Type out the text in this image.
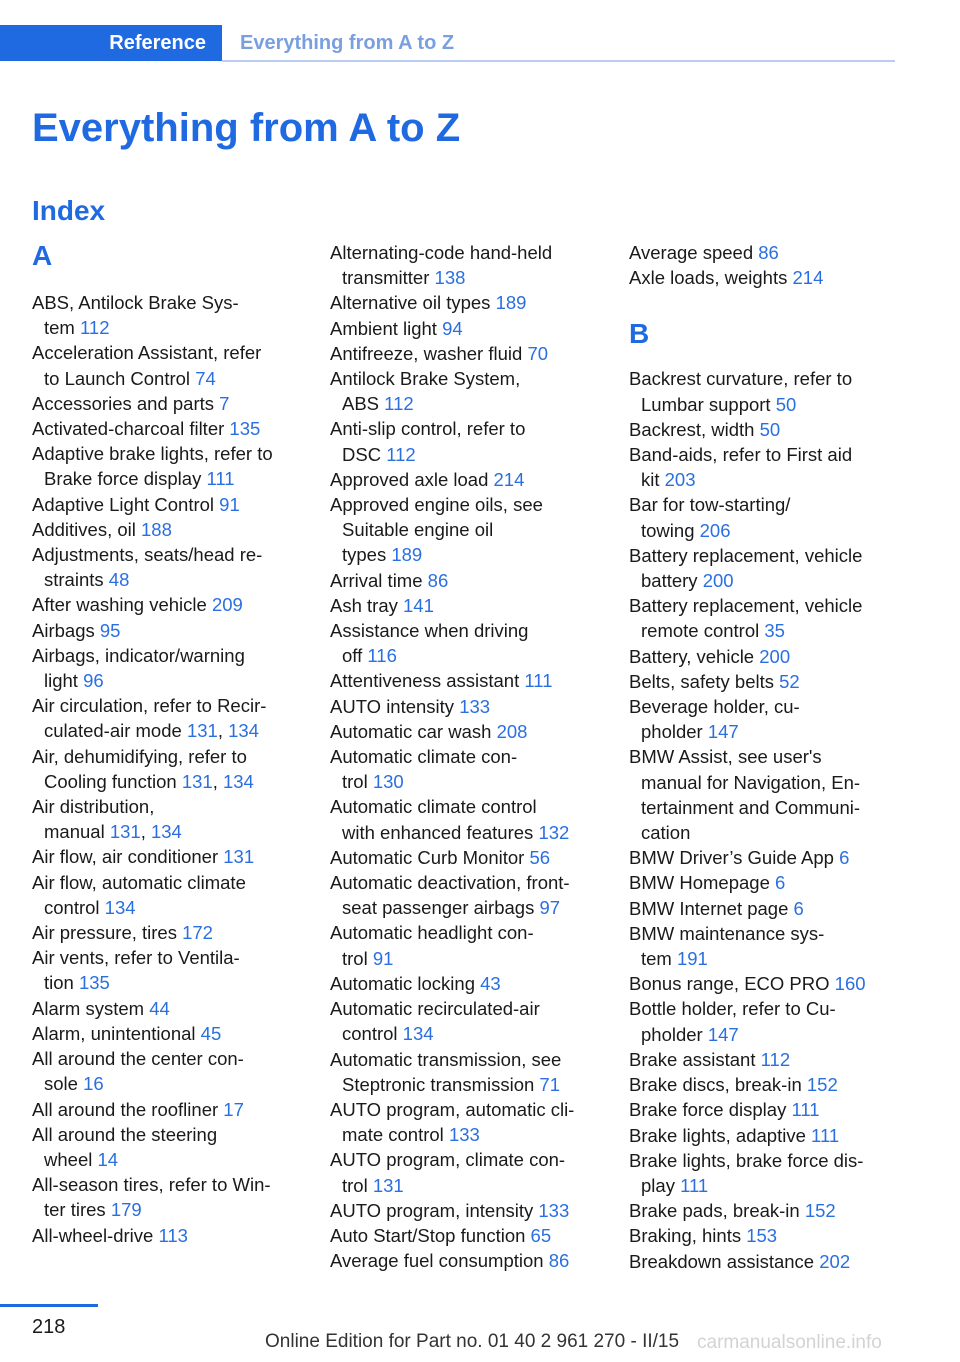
Reference	Everything from A to Z
Everything from A to Z
Index
A
ABS, Antilock Brake Sys-
tem 112
Acceleration Assistant, refer
to Launch Control 74
Accessories and parts 7
Activated-charcoal filter 135
Adaptive brake lights, refer to
Brake force display 111
Adaptive Light Control 91
Additives, oil 188
Adjustments, seats/head re-
straints 48
After washing vehicle 209
Airbags 95
Airbags, indicator/warning
light 96
Air circulation, refer to Recir-
culated-air mode 131, 134
Air, dehumidifying, refer to
Cooling function 131, 134
Air distribution,
manual 131, 134
Air flow, air conditioner 131
Air flow, automatic climate
control 134
Air pressure, tires 172
Air vents, refer to Ventila-
tion 135
Alarm system 44
Alarm, unintentional 45
All around the center con-
sole 16
All around the roofliner 17
All around the steering
wheel 14
All-season tires, refer to Win-
ter tires 179
All-wheel-drive 113
Alternating-code hand-held
transmitter 138
Alternative oil types 189
Ambient light 94
Antifreeze, washer fluid 70
Antilock Brake System,
ABS 112
Anti-slip control, refer to
DSC 112
Approved axle load 214
Approved engine oils, see
Suitable engine oil
types 189
Arrival time 86
Ash tray 141
Assistance when driving
off 116
Attentiveness assistant 111
AUTO intensity 133
Automatic car wash 208
Automatic climate con-
trol 130
Automatic climate control
with enhanced features 132
Automatic Curb Monitor 56
Automatic deactivation, front-
seat passenger airbags 97
Automatic headlight con-
trol 91
Automatic locking 43
Automatic recirculated-air
control 134
Automatic transmission, see
Steptronic transmission 71
AUTO program, automatic cli-
mate control 133
AUTO program, climate con-
trol 131
AUTO program, intensity 133
Auto Start/Stop function 65
Average fuel consumption 86
Average speed 86
Axle loads, weights 214
B
Backrest curvature, refer to
Lumbar support 50
Backrest, width 50
Band-aids, refer to First aid
kit 203
Bar for tow-starting/
towing 206
Battery replacement, vehicle
battery 200
Battery replacement, vehicle
remote control 35
Battery, vehicle 200
Belts, safety belts 52
Beverage holder, cu-
pholder 147
BMW Assist, see user's
manual for Navigation, En-
tertainment and Communi-
cation
BMW Driver’s Guide App 6
BMW Homepage 6
BMW Internet page 6
BMW maintenance sys-
tem 191
Bonus range, ECO PRO 160
Bottle holder, refer to Cu-
pholder 147
Brake assistant 112
Brake discs, break-in 152
Brake force display 111
Brake lights, adaptive 111
Brake lights, brake force dis-
play 111
Brake pads, break-in 152
Braking, hints 153
Breakdown assistance 202
218
Online Edition for Part no. 01 40 2 961 270 - II/15 carmanualsonline.info
